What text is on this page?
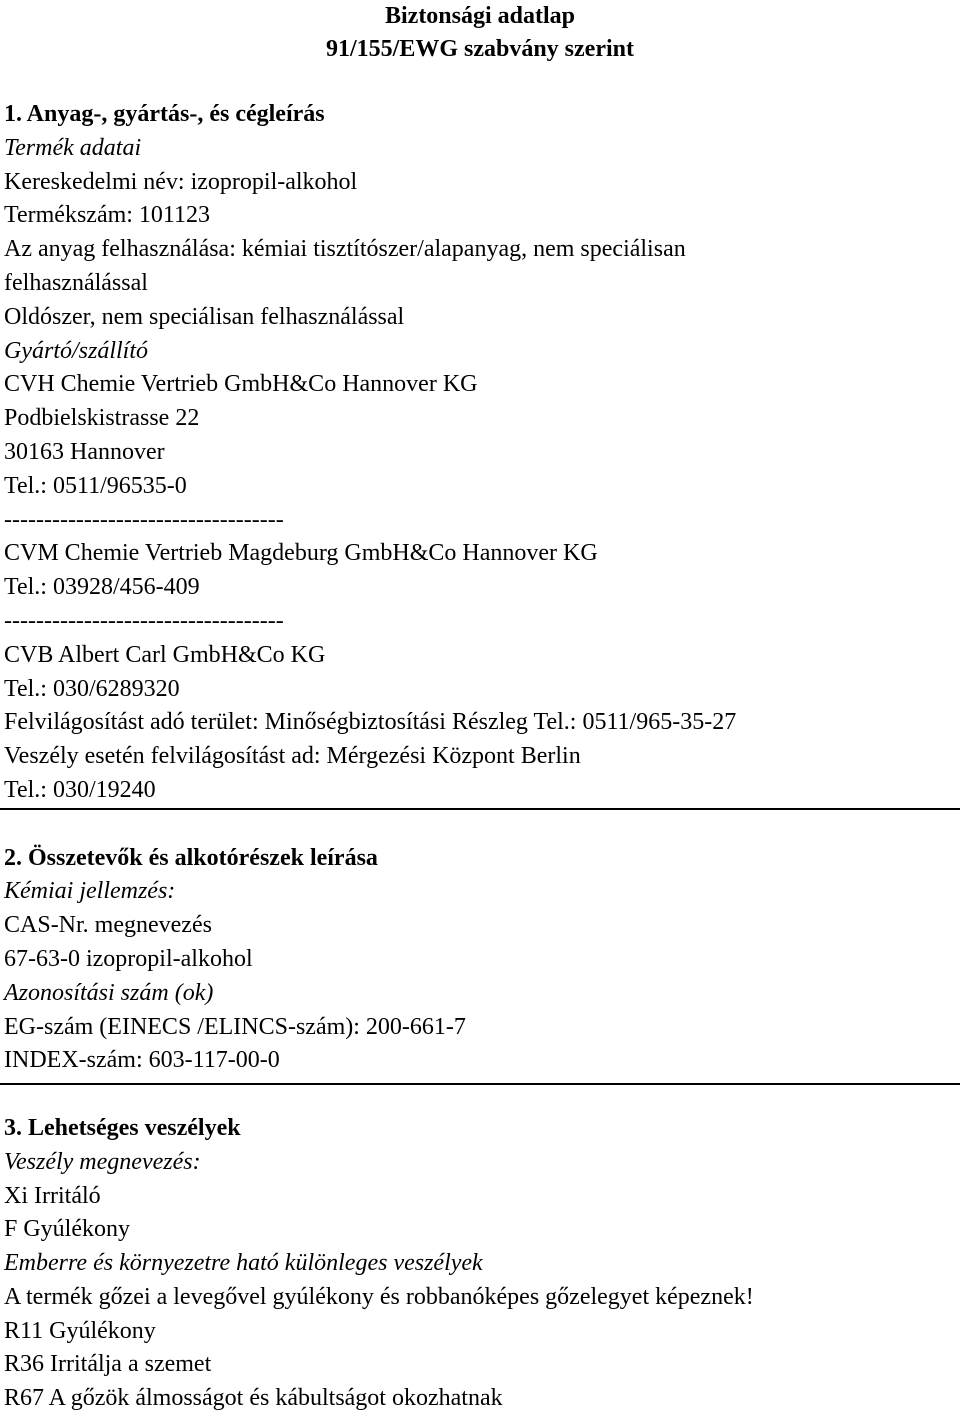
Biztonsági adatlap
91/155/EWG szabvány szerint
1. Anyag-, gyártás-, és cégleírás
Termék adatai
Kereskedelmi név: izopropil-alkohol
Termékszám: 101123
Az anyag felhasználása: kémiai tisztítószer/alapanyag, nem speciálisan
felhasználással
Oldószer, nem speciálisan felhasználással
Gyártó/szállító
CVH Chemie Vertrieb GmbH&Co Hannover KG
Podbielskistrasse 22
30163 Hannover
Tel.: 0511/96535-0
-----------------------------------
CVM Chemie Vertrieb Magdeburg GmbH&Co Hannover KG
Tel.: 03928/456-409
-----------------------------------
CVB Albert Carl GmbH&Co KG
Tel.: 030/6289320
Felvilágosítást adó terület: Minőségbiztosítási Részleg Tel.: 0511/965-35-27
Veszély esetén felvilágosítást ad: Mérgezési Központ Berlin
Tel.: 030/19240
2. Összetevők és alkotórészek leírása
Kémiai jellemzés:
CAS-Nr. megnevezés
67-63-0 izopropil-alkohol
Azonosítási szám (ok)
EG-szám (EINECS /ELINCS-szám): 200-661-7
INDEX-szám: 603-117-00-0
3. Lehetséges veszélyek
Veszély megnevezés:
Xi Irritáló
F Gyúlékony
Emberre és környezetre ható különleges veszélyek
A termék gőzei a levegővel gyúlékony és robbanóképes gőzelegyet képeznek!
R11 Gyúlékony
R36 Irritálja a szemet
R67 A gőzök álmosságot és kábultságot okozhatnak
